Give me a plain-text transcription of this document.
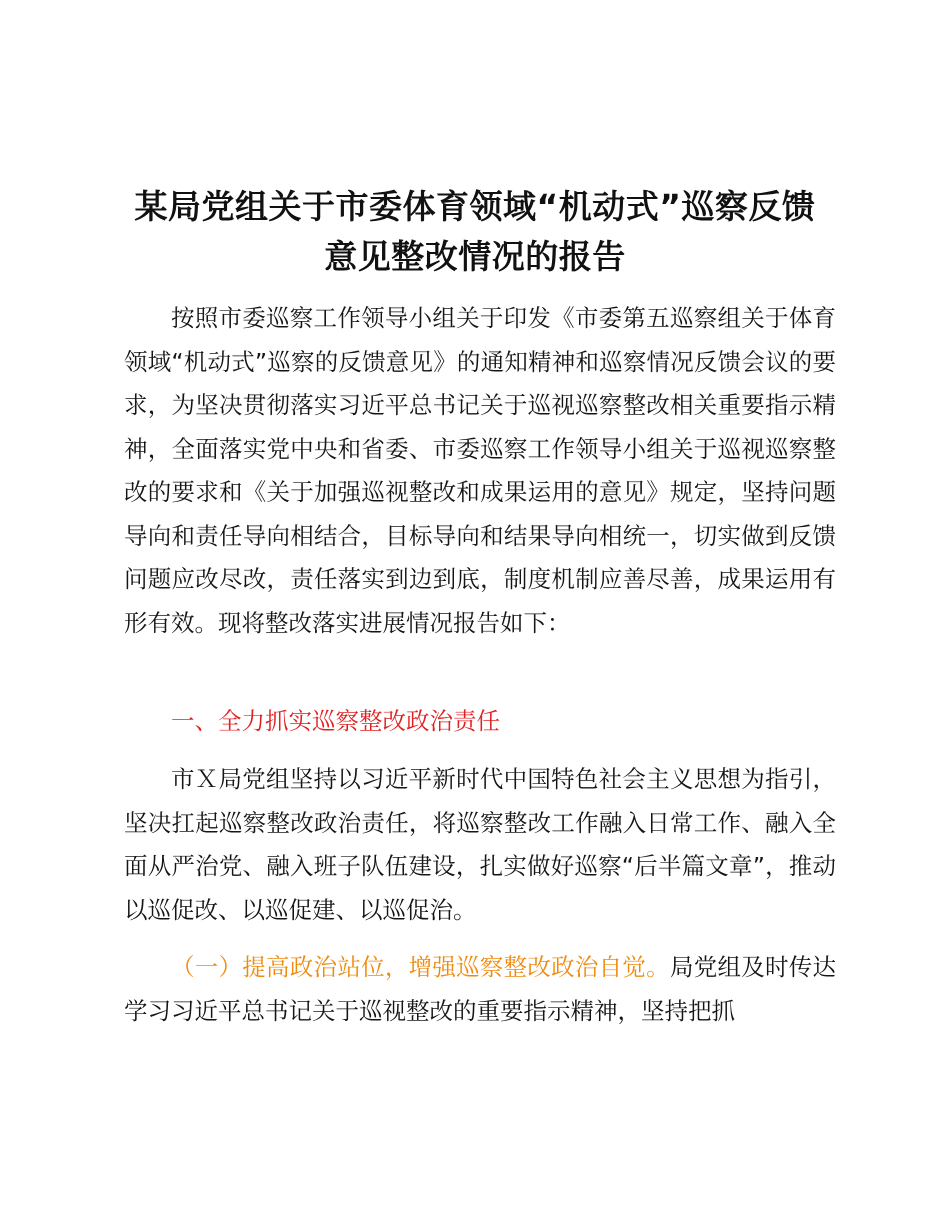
某局党组关于市委体育领域“机动式”巡察反馈
意见整改情况的报告

按照市委巡察工作领导小组关于印发《市委第五巡察组关于体育领域“机动式”巡察的反馈意见》的通知精神和巡察情况反馈会议的要求，为坚决贯彻落实习近平总书记关于巡视巡察整改相关重要指示精神，全面落实党中央和省委、市委巡察工作领导小组关于巡视巡察整改的要求和《关于加强巡视整改和成果运用的意见》规定，坚持问题导向和责任导向相结合，目标导向和结果导向相统一，切实做到反馈问题应改尽改，责任落实到边到底，制度机制应善尽善，成果运用有形有效。现将整改落实进展情况报告如下：

一、全力抓实巡察整改政治责任

市Ｘ局党组坚持以习近平新时代中国特色社会主义思想为指引，坚决扛起巡察整改政治责任，将巡察整改工作融入日常工作、融入全面从严治党、融入班子队伍建设，扎实做好巡察“后半篇文章”，推动以巡促改、以巡促建、以巡促治。

（一）提高政治站位，增强巡察整改政治自觉。局党组及时传达学习习近平总书记关于巡视整改的重要指示精神，坚持把抓
